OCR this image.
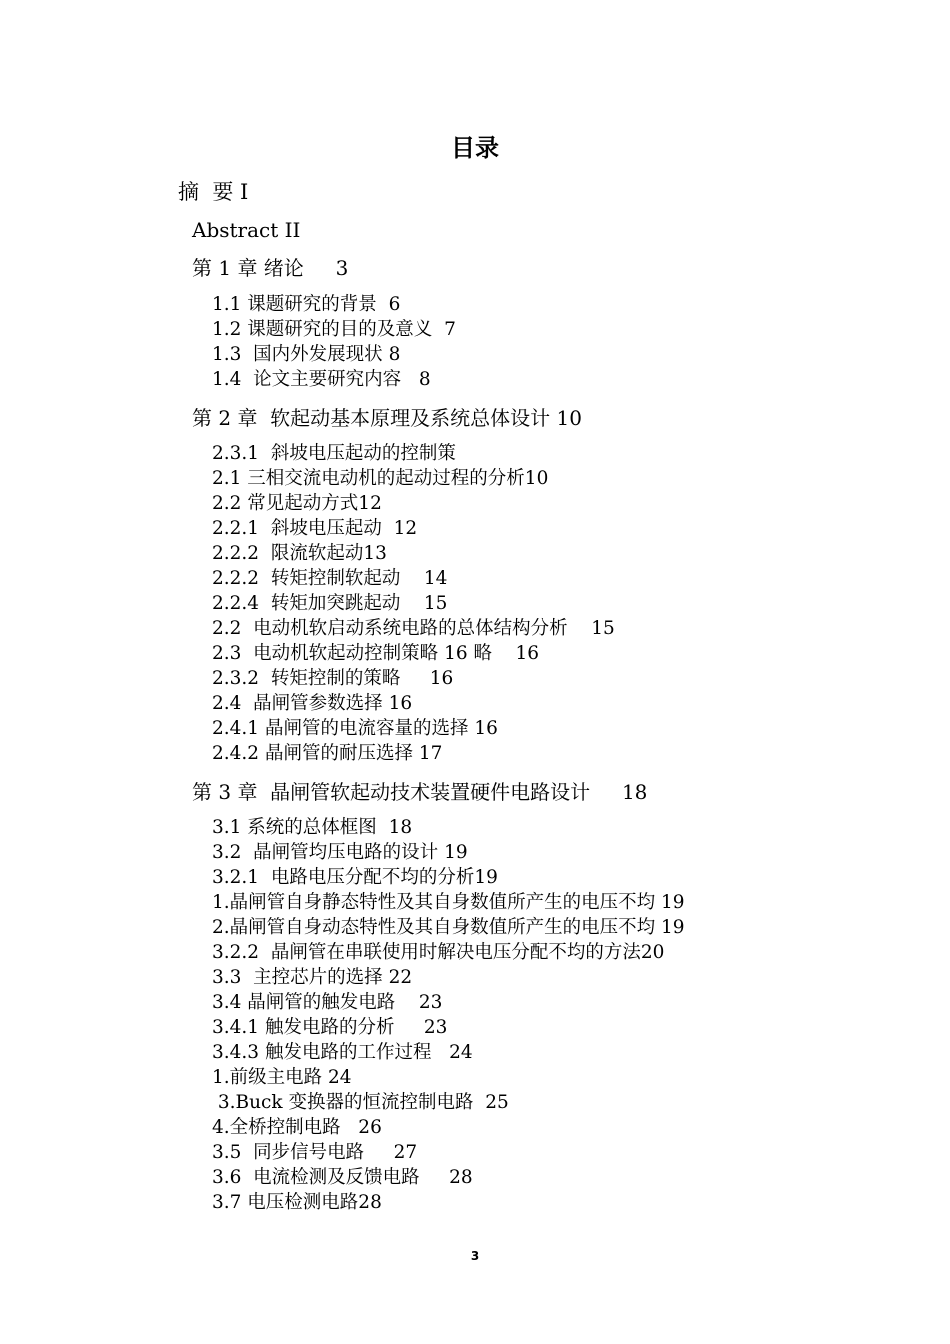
目录
摘  要 I
Abstract II
第 1 章 绪论     3
1.1 课题研究的背景  6
1.2 课题研究的目的及意义  7
1.3  国内外发展现状 8
1.4  论文主要研究内容   8
第 2 章  软起动基本原理及系统总体设计 10
2.3.1  斜坡电压起动的控制策
2.1 三相交流电动机的起动过程的分析10
2.2 常见起动方式12
2.2.1  斜坡电压起动  12
2.2.2  限流软起动13
2.2.2  转矩控制软起动    14
2.2.4  转矩加突跳起动    15
2.2  电动机软启动系统电路的总体结构分析    15
2.3  电动机软起动控制策略 16 略    16
2.3.2  转矩控制的策略     16
2.4  晶闸管参数选择 16
2.4.1 晶闸管的电流容量的选择 16
2.4.2 晶闸管的耐压选择 17
第 3 章  晶闸管软起动技术装置硬件电路设计     18
3.1 系统的总体框图  18
3.2  晶闸管均压电路的设计 19
3.2.1  电路电压分配不均的分析19
1.晶闸管自身静态特性及其自身数值所产生的电压不均 19
2.晶闸管自身动态特性及其自身数值所产生的电压不均 19
3.2.2  晶闸管在串联使用时解决电压分配不均的方法20
3.3  主控芯片的选择 22
3.4 晶闸管的触发电路    23
3.4.1 触发电路的分析     23
3.4.3 触发电路的工作过程   24
1.前级主电路 24
3.Buck 变换器的恒流控制电路  25
4.全桥控制电路   26
3.5  同步信号电路     27
3.6  电流检测及反馈电路     28
3.7 电压检测电路28
3
